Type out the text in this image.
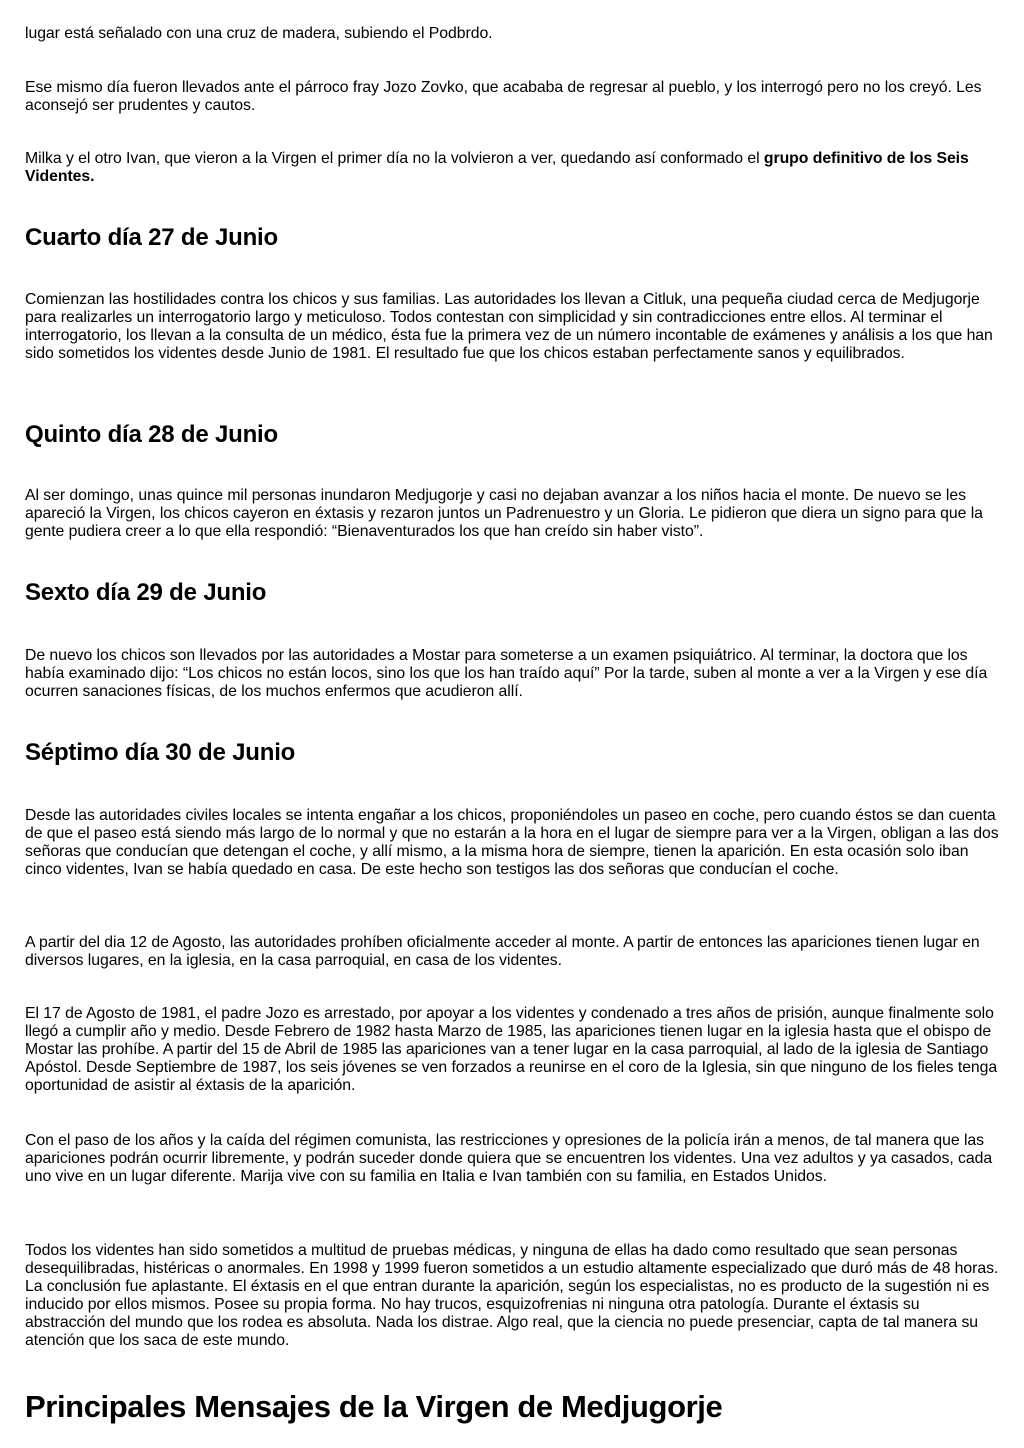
lugar está señalado con una cruz de madera, subiendo el Podbrdo.

Ese mismo día fueron llevados ante el párroco fray Jozo Zovko, que acababa de regresar al pueblo, y los interrogó pero no los creyó. Les aconsejó ser prudentes y cautos.

Milka y el otro Ivan, que vieron a la Virgen el primer día no la volvieron a ver, quedando así conformado el grupo definitivo de los Seis Videntes.

Cuarto día 27 de Junio

Comienzan las hostilidades contra los chicos y sus familias. Las autoridades los llevan a Citluk, una pequeña ciudad cerca de Medjugorje para realizarles un interrogatorio largo y meticuloso. Todos contestan con simplicidad y sin contradicciones entre ellos. Al terminar el interrogatorio, los llevan a la consulta de un médico, ésta fue la primera vez de un número incontable de exámenes y análisis a los que han sido sometidos los videntes desde Junio de 1981. El resultado fue que los chicos estaban perfectamente sanos y equilibrados.

Quinto día 28 de Junio

Al ser domingo, unas quince mil personas inundaron Medjugorje y casi no dejaban avanzar a los niños hacia el monte. De nuevo se les apareció la Virgen, los chicos cayeron en éxtasis y rezaron juntos un Padrenuestro y un Gloria. Le pidieron que diera un signo para que la gente pudiera creer a lo que ella respondió: “Bienaventurados los que han creído sin haber visto”.

Sexto día 29 de Junio

De nuevo los chicos son llevados por las autoridades a Mostar para someterse a un examen psiquiátrico. Al terminar, la doctora que los había examinado dijo: “Los chicos no están locos, sino los que los han traído aquí” Por la tarde, suben al monte a ver a la Virgen y ese día ocurren sanaciones físicas, de los muchos enfermos que acudieron allí.

Séptimo día 30 de Junio

Desde las autoridades civiles locales se intenta engañar a los chicos, proponiéndoles un paseo en coche, pero cuando éstos se dan cuenta de que el paseo está siendo más largo de lo normal y que no estarán a la hora en el lugar de siempre para ver a la Virgen, obligan a las dos señoras que conducían que detengan el coche, y allí mismo, a la misma hora de siempre, tienen la aparición. En esta ocasión solo iban cinco videntes, Ivan se había quedado en casa. De este hecho son testigos las dos señoras que conducían el coche.

A partir del dia 12 de Agosto, las autoridades prohíben oficialmente acceder al monte. A partir de entonces las apariciones tienen lugar en diversos lugares, en la iglesia, en la casa parroquial, en casa de los videntes.

El 17 de Agosto de 1981, el padre Jozo es arrestado, por apoyar a los videntes y condenado a tres años de prisión, aunque finalmente solo llegó a cumplir año y medio. Desde Febrero de 1982 hasta Marzo de 1985, las apariciones tienen lugar en la iglesia hasta que el obispo de Mostar las prohíbe. A partir del 15 de Abril de 1985 las apariciones van a tener lugar en la casa parroquial, al lado de la iglesia de Santiago Apóstol. Desde Septiembre de 1987, los seis jóvenes se ven forzados a reunirse en el coro de la Iglesia, sin que ninguno de los fieles tenga oportunidad de asistir al éxtasis de la aparición.

Con el paso de los años y la caída del régimen comunista, las restricciones y opresiones de la policía irán a menos, de tal manera que las apariciones podrán ocurrir libremente, y podrán suceder donde quiera que se encuentren los videntes. Una vez adultos y ya casados, cada uno vive en un lugar diferente. Marija vive con su familia en Italia e Ivan también con su familia, en Estados Unidos.

Todos los videntes han sido sometidos a multitud de pruebas médicas, y ninguna de ellas ha dado como resultado que sean personas desequilibradas, histéricas o anormales. En 1998 y 1999 fueron sometidos a un estudio altamente especializado que duró más de 48 horas. La conclusión fue aplastante. El éxtasis en el que entran durante la aparición, según los especialistas, no es producto de la sugestión ni es inducido por ellos mismos. Posee su propia forma. No hay trucos, esquizofrenias ni ninguna otra patología. Durante el éxtasis su abstracción del mundo que los rodea es absoluta. Nada los distrae. Algo real, que la ciencia no puede presenciar, capta de tal manera su atención que los saca de este mundo.

Principales Mensajes de la Virgen de Medjugorje
